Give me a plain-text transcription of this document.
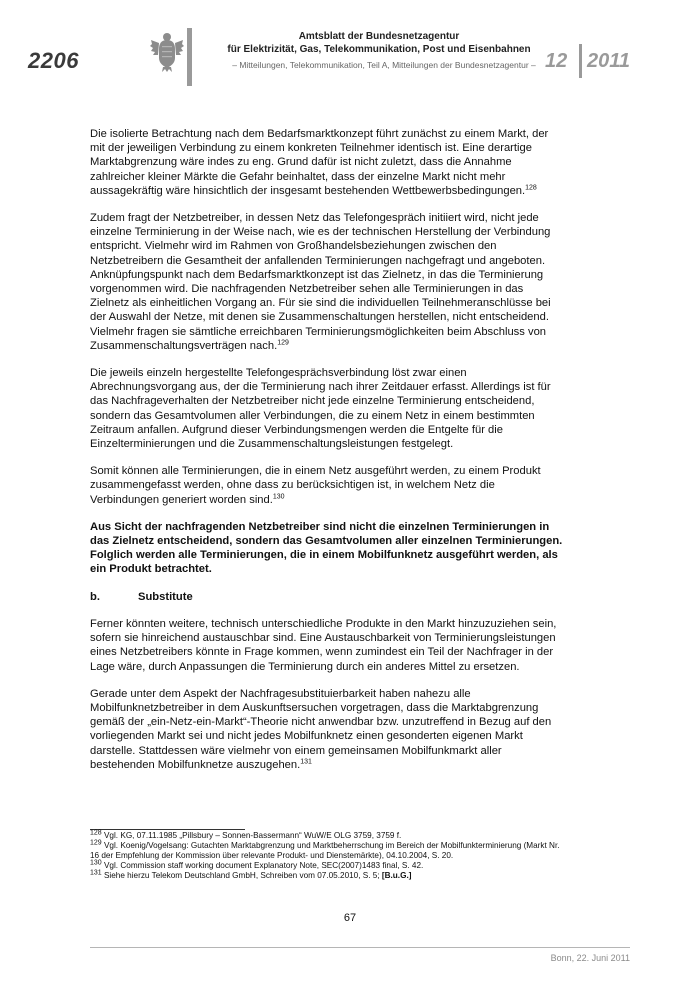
2206
Amtsblatt der Bundesnetzagentur
für Elektrizität, Gas, Telekommunikation, Post und Eisenbahnen
– Mitteilungen, Telekommunikation, Teil A, Mitteilungen der Bundesnetzagentur – 12 2011

Die isolierte Betrachtung nach dem Bedarfsmarktkonzept führt zunächst zu einem Markt, der mit der jeweiligen Verbindung zu einem konkreten Teilnehmer identisch ist. Eine derartige Marktabgrenzung wäre indes zu eng. Grund dafür ist nicht zuletzt, dass die Annahme zahlreicher kleiner Märkte die Gefahr beinhaltet, dass der einzelne Markt nicht mehr aussagekräftig wäre hinsichtlich der insgesamt bestehenden Wettbewerbsbedingungen.$^{128}$

Zudem fragt der Netzbetreiber, in dessen Netz das Telefongespräch initiiert wird, nicht jede einzelne Terminierung in der Weise nach, wie es der technischen Herstellung der Verbindung entspricht. Vielmehr wird im Rahmen von Großhandelsbeziehungen zwischen den Netzbetreibern die Gesamtheit der anfallenden Terminierungen nachgefragt und angeboten. Anknüpfungspunkt nach dem Bedarfsmarktkonzept ist das Zielnetz, in das die Terminierung vorgenommen wird. Die nachfragenden Netzbetreiber sehen alle Terminierungen in das Zielnetz als einheitlichen Vorgang an. Für sie sind die individuellen Teilnehmeranschlüsse bei der Auswahl der Netze, mit denen sie Zusammenschaltungen herstellen, nicht entscheidend. Vielmehr fragen sie sämtliche erreichbaren Terminierungsmöglichkeiten beim Abschluss von Zusammenschaltungsverträgen nach.$^{129}$

Die jeweils einzeln hergestellte Telefongesprächsverbindung löst zwar einen Abrechnungsvorgang aus, der die Terminierung nach ihrer Zeitdauer erfasst. Allerdings ist für das Nachfrageverhalten der Netzbetreiber nicht jede einzelne Terminierung entscheidend, sondern das Gesamtvolumen aller Verbindungen, die zu einem Netz in einem bestimmten Zeitraum anfallen. Aufgrund dieser Verbindungsmengen werden die Entgelte für die Einzelterminierungen und die Zusammenschaltungsleistungen festgelegt.

Somit können alle Terminierungen, die in einem Netz ausgeführt werden, zu einem Produkt zusammengefasst werden, ohne dass zu berücksichtigen ist, in welchem Netz die Verbindungen generiert worden sind.$^{130}$

Aus Sicht der nachfragenden Netzbetreiber sind nicht die einzelnen Terminierungen in das Zielnetz entscheidend, sondern das Gesamtvolumen aller einzelnen Terminierungen. Folglich werden alle Terminierungen, die in einem Mobilfunknetz ausgeführt werden, als ein Produkt betrachtet.

b.	Substitute

Ferner könnten weitere, technisch unterschiedliche Produkte in den Markt hinzuzuziehen sein, sofern sie hinreichend austauschbar sind. Eine Austauschbarkeit von Terminierungsleistungen eines Netzbetreibers könnte in Frage kommen, wenn zumindest ein Teil der Nachfrager in der Lage wäre, durch Anpassungen die Terminierung durch ein anderes Mittel zu ersetzen.

Gerade unter dem Aspekt der Nachfragesubstituierbarkeit haben nahezu alle Mobilfunknetzbetreiber in dem Auskunftsersuchen vorgetragen, dass die Marktabgrenzung gemäß der „ein-Netz-ein-Markt“-Theorie nicht anwendbar bzw. unzutreffend in Bezug auf den vorliegenden Markt sei und nicht jedes Mobilfunknetz einen gesonderten eigenen Markt darstelle. Stattdessen wäre vielmehr von einem gemeinsamen Mobilfunkmarkt aller bestehenden Mobilfunknetze auszugehen.$^{131}$

$^{128}$ Vgl. KG, 07.11.1985 „Pillsbury – Sonnen-Bassermann“ WuW/E OLG 3759, 3759 f.
$^{129}$ Vgl. Koenig/Vogelsang: Gutachten Marktabgrenzung und Marktbeherrschung im Bereich der Mobilfunkterminierung (Markt Nr. 16 der Empfehlung der Kommission über relevante Produkt- und Dienstemärkte), 04.10.2004, S. 20.
$^{130}$ Vgl. Commission staff working document Explanatory Note, SEC(2007)1483 final, S. 42.
$^{131}$ Siehe hierzu Telekom Deutschland GmbH, Schreiben vom 07.05.2010, S. 5; [B.u.G.]
67
Bonn, 22. Juni 2011
